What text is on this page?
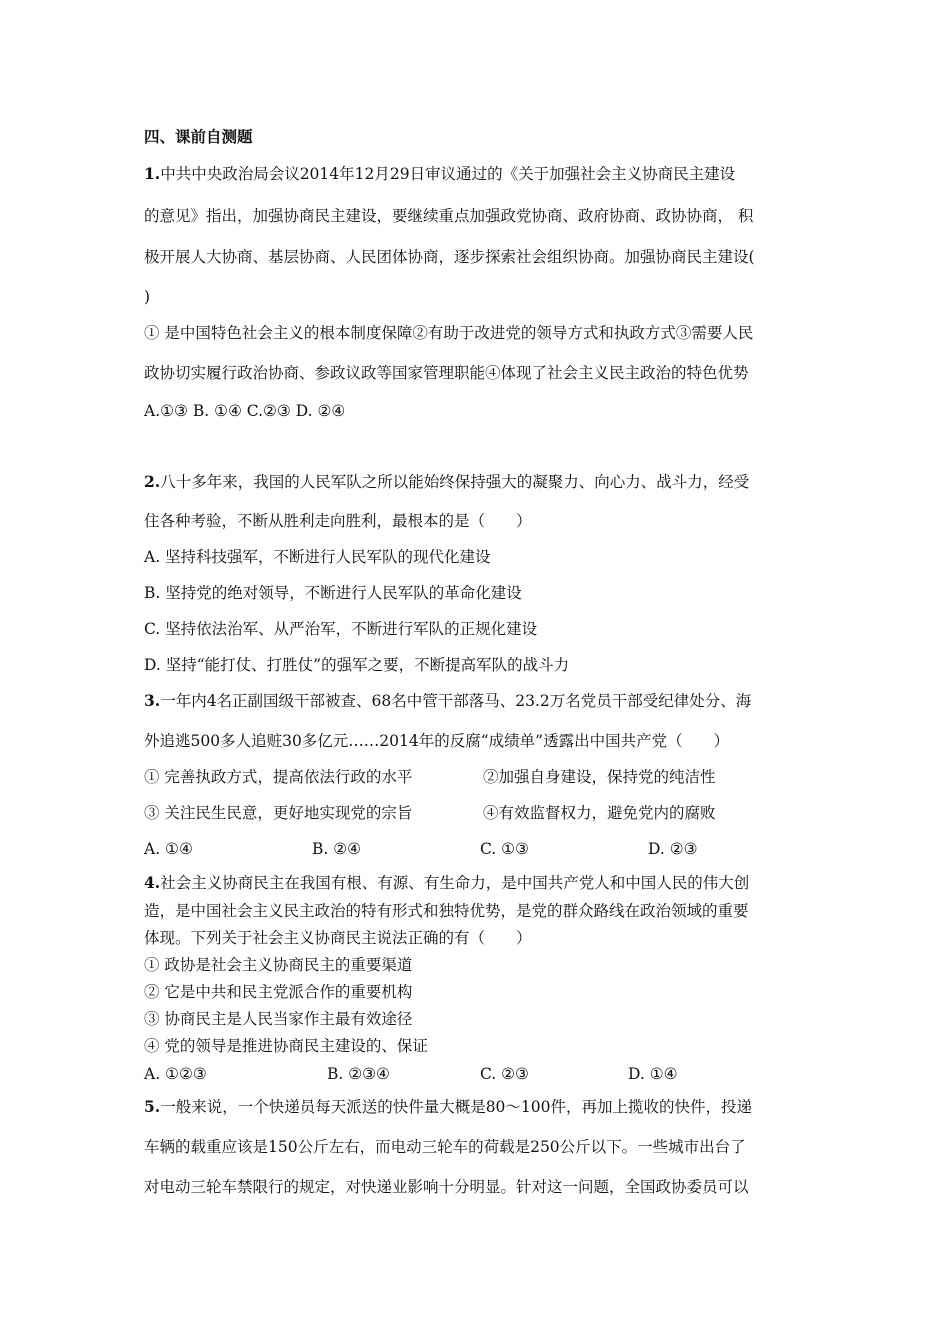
四、课前自测题
1.中共中央政治局会议2014年12月29日审议通过的《关于加强社会主义协商民主建设
的意见》指出，加强协商民主建设，要继续重点加强政党协商、政府协商、政协协商， 积
极开展人大协商、基层协商、人民团体协商，逐步探索社会组织协商。加强协商民主建设(
)
① 是中国特色社会主义的根本制度保障②有助于改进党的领导方式和执政方式③需要人民
政协切实履行政治协商、参政议政等国家管理职能④体现了社会主义民主政治的特色优势
A.①③ B. ①④ C.②③ D. ②④
2.八十多年来，我国的人民军队之所以能始终保持强大的凝聚力、向心力、战斗力，经受
住各种考验，不断从胜利走向胜利，最根本的是（　　）
A. 坚持科技强军，不断进行人民军队的现代化建设
B. 坚持党的绝对领导，不断进行人民军队的革命化建设
C. 坚持依法治军、从严治军，不断进行军队的正规化建设
D. 坚持“能打仗、打胜仗”的强军之要，不断提高军队的战斗力
3.一年内4名正副国级干部被查、68名中管干部落马、23.2万名党员干部受纪律处分、海
外追逃500多人追赃30多亿元……2014年的反腐“成绩单”透露出中国共产党（　　）
① 完善执政方式，提高依法行政的水平	②加强自身建设，保持党的纯洁性
③ 关注民生民意，更好地实现党的宗旨	④有效监督权力，避免党内的腐败
A. ①④	B. ②④	C. ①③	D. ②③
4.社会主义协商民主在我国有根、有源、有生命力，是中国共产党人和中国人民的伟大创
造，是中国社会主义民主政治的特有形式和独特优势，是党的群众路线在政治领域的重要
体现。下列关于社会主义协商民主说法正确的有（　　）
① 政协是社会主义协商民主的重要渠道
② 它是中共和民主党派合作的重要机构
③ 协商民主是人民当家作主最有效途径
④ 党的领导是推进协商民主建设的、保证
A. ①②③	B. ②③④	C. ②③	D. ①④
5.一般来说，一个快递员每天派送的快件量大概是80～100件，再加上揽收的快件，投递
车辆的载重应该是150公斤左右，而电动三轮车的荷载是250公斤以下。一些城市出台了
对电动三轮车禁限行的规定，对快递业影响十分明显。针对这一问题，全国政协委员可以
